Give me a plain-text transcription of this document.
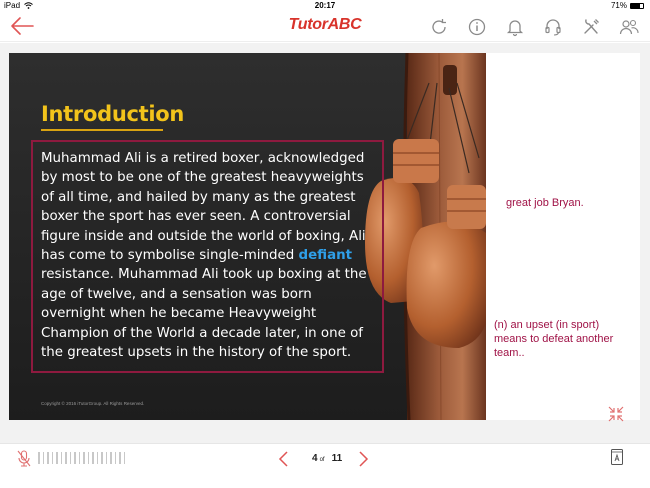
iPad	20:17	71%
TutorABC
Introduction
Muhammad Ali is a retired boxer, acknowledged by most to be one of the greatest heavyweights of all time, and hailed by many as the greatest boxer the sport has ever seen. A controversial figure inside and outside the world of boxing, Ali has come to symbolise single-minded defiant resistance. Muhammad Ali took up boxing at the age of twelve, and a sensation was born overnight when he became Heavyweight Champion of the World a decade later, in one of the greatest upsets in the history of the sport.
Copyright © 2016 iTutorGroup. All Rights Reserved.
great job Bryan.
(n) an upset (in sport) means to defeat another team..
4 of 11
